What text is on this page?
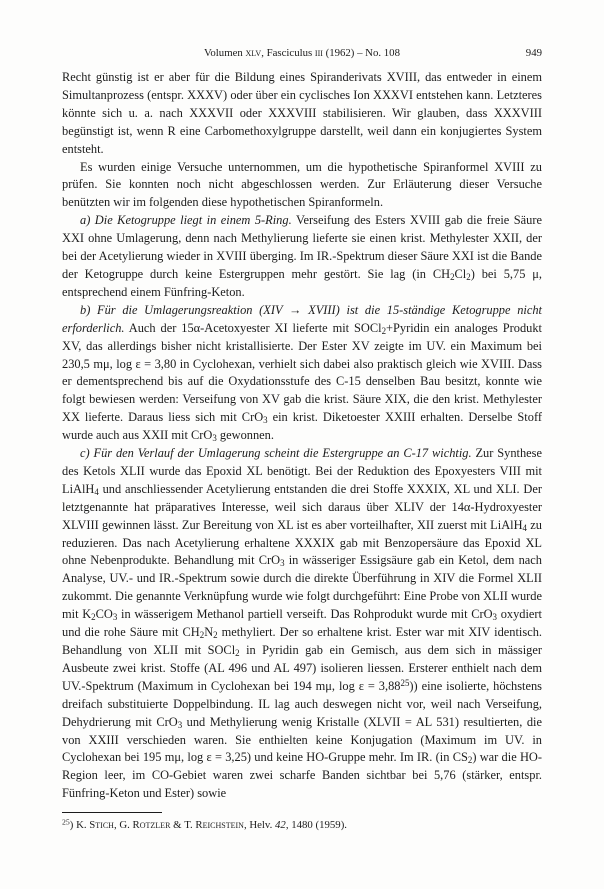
Volumen xlv, Fasciculus iii (1962) – No. 108	949

Recht günstig ist er aber für die Bildung eines Spiranderivats XVIII, das entweder in einem Simultanprozess (entspr. XXXV) oder über ein cyclisches Ion XXXVI entstehen kann. Letzteres könnte sich u. a. nach XXXVII oder XXXVIII stabilisieren. Wir glauben, dass XXXVIII begünstigt ist, wenn R eine Carbomethoxylgruppe darstellt, weil dann ein konjugiertes System entsteht.

Es wurden einige Versuche unternommen, um die hypothetische Spiranformel XVIII zu prüfen. Sie konnten noch nicht abgeschlossen werden. Zur Erläuterung dieser Versuche benützten wir im folgenden diese hypothetischen Spiranformeln.

a) Die Ketogruppe liegt in einem 5-Ring. Verseifung des Esters XVIII gab die freie Säure XXI ohne Umlagerung, denn nach Methylierung lieferte sie einen krist. Methylester XXII, der bei der Acetylierung wieder in XVIII überging. Im IR.-Spektrum dieser Säure XXI ist die Bande der Ketogruppe durch keine Estergruppen mehr gestört. Sie lag (in $CH_2Cl_2$) bei 5,75 μ, entsprechend einem Fünfring-Keton.

b) Für die Umlagerungsreaktion (XIV → XVIII) ist die 15-ständige Ketogruppe nicht erforderlich. Auch der 15α-Acetoxyester XI lieferte mit SOCl$_2$+Pyridin ein analoges Produkt XV, das allerdings bisher nicht kristallisierte. Der Ester XV zeigte im UV. ein Maximum bei 230,5 mμ, log ε = 3,80 in Cyclohexan, verhielt sich dabei also praktisch gleich wie XVIII. Dass er dementsprechend bis auf die Oxydationsstufe des C-15 denselben Bau besitzt, konnte wie folgt bewiesen werden: Verseifung von XV gab die krist. Säure XIX, die den krist. Methylester XX lieferte. Daraus liess sich mit CrO$_3$ ein krist. Diketoester XXIII erhalten. Derselbe Stoff wurde auch aus XXII mit CrO$_3$ gewonnen.

c) Für den Verlauf der Umlagerung scheint die Estergruppe an C-17 wichtig. Zur Synthese des Ketols XLII wurde das Epoxid XL benötigt. Bei der Reduktion des Epoxyesters VIII mit LiAlH$_4$ und anschliessender Acetylierung entstanden die drei Stoffe XXXIX, XL und XLI. Der letztgenannte hat präparatives Interesse, weil sich daraus über XLIV der 14α-Hydroxyester XLVIII gewinnen lässt. Zur Bereitung von XL ist es aber vorteilhafter, XII zuerst mit LiAlH$_4$ zu reduzieren. Das nach Acetylierung erhaltene XXXIX gab mit Benzopersäure das Epoxid XL ohne Nebenprodukte. Behandlung mit CrO$_3$ in wässeriger Essigsäure gab ein Ketol, dem nach Analyse, UV.- und IR.-Spektrum sowie durch die direkte Überführung in XIV die Formel XLII zukommt. Die genannte Verknüpfung wurde wie folgt durchgeführt: Eine Probe von XLII wurde mit $K_2CO_3$ in wässerigem Methanol partiell verseift. Das Rohprodukt wurde mit CrO$_3$ oxydiert und die rohe Säure mit $CH_2N_2$ methyliert. Der so erhaltene krist. Ester war mit XIV identisch. Behandlung von XLII mit SOCl$_2$ in Pyridin gab ein Gemisch, aus dem sich in mässiger Ausbeute zwei krist. Stoffe (AL 496 und AL 497) isolieren liessen. Ersterer enthielt nach dem UV.-Spektrum (Maximum in Cyclohexan bei 194 mμ, $\log \varepsilon = 3,88^{25}$)) eine isolierte, höchstens dreifach substituierte Doppelbindung. IL lag auch deswegen nicht vor, weil nach Verseifung, Dehydrierung mit CrO$_3$ und Methylierung wenig Kristalle (XLVII = AL 531) resultierten, die von XXIII verschieden waren. Sie enthielten keine Konjugation (Maximum im UV. in Cyclohexan bei 195 mμ, log ε = 3,25) und keine HO-Gruppe mehr. Im IR. (in $CS_2$) war die HO-Region leer, im CO-Gebiet waren zwei scharfe Banden sichtbar bei 5,76 (stärker, entspr. Fünfring-Keton und Ester) sowie

$^{25}$) K. Stich, G. Rotzler & T. Reichstein, Helv. 42, 1480 (1959).
